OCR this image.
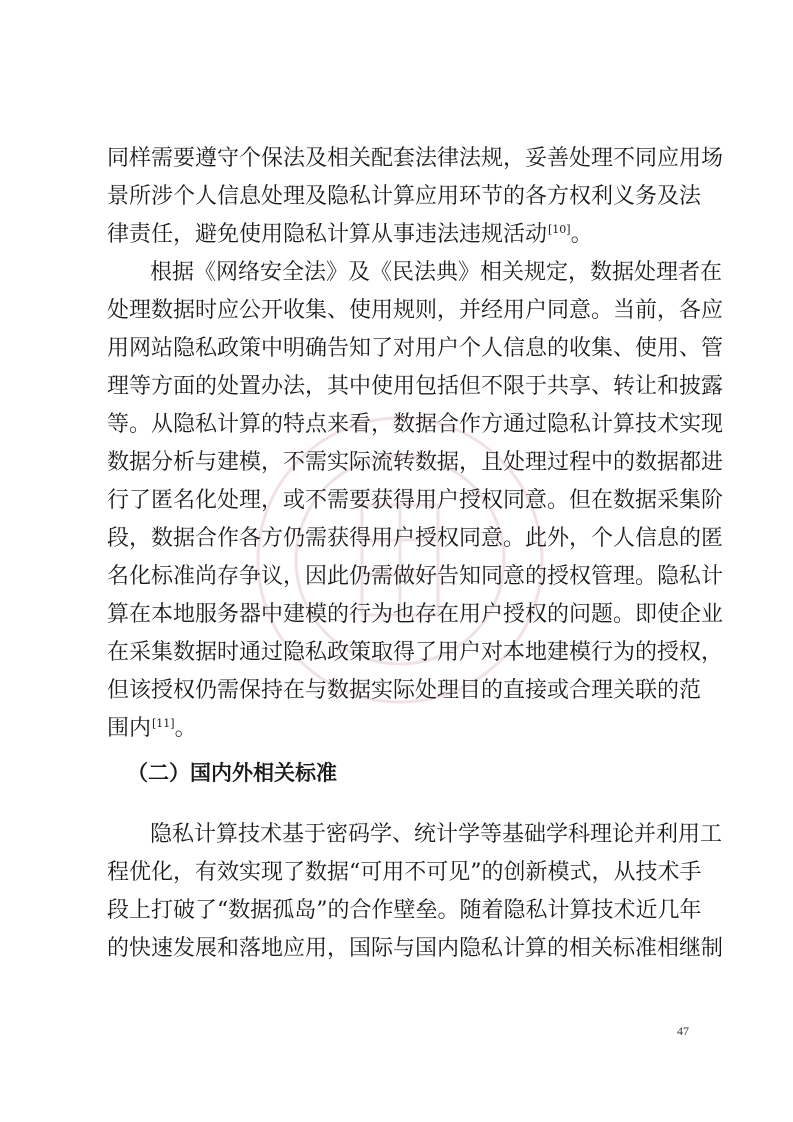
同样需要遵守个保法及相关配套法律法规，妥善处理不同应用场
景所涉个人信息处理及隐私计算应用环节的各方权利义务及法
律责任，避免使用隐私计算从事违法违规活动[10]。
根据《网络安全法》及《民法典》相关规定，数据处理者在
处理数据时应公开收集、使用规则，并经用户同意。当前，各应
用网站隐私政策中明确告知了对用户个人信息的收集、使用、管
理等方面的处置办法，其中使用包括但不限于共享、转让和披露
等。从隐私计算的特点来看，数据合作方通过隐私计算技术实现
数据分析与建模，不需实际流转数据，且处理过程中的数据都进
行了匿名化处理，或不需要获得用户授权同意。但在数据采集阶
段，数据合作各方仍需获得用户授权同意。此外，个人信息的匿
名化标准尚存争议，因此仍需做好告知同意的授权管理。隐私计
算在本地服务器中建模的行为也存在用户授权的问题。即使企业
在采集数据时通过隐私政策取得了用户对本地建模行为的授权，
但该授权仍需保持在与数据实际处理目的直接或合理关联的范
围内[11]。
（二）国内外相关标准
隐私计算技术基于密码学、统计学等基础学科理论并利用工
程优化，有效实现了数据“可用不可见”的创新模式，从技术手
段上打破了“数据孤岛”的合作壁垒。随着隐私计算技术近几年
的快速发展和落地应用，国际与国内隐私计算的相关标准相继制
47
